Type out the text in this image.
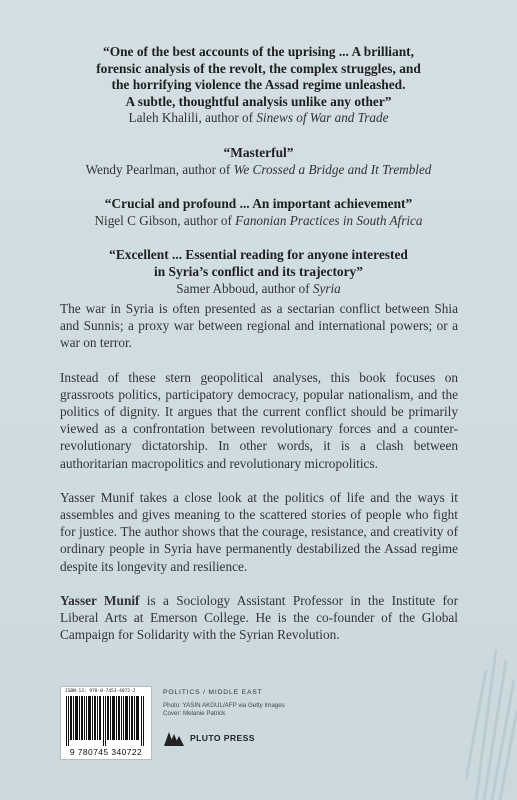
“One of the best accounts of the uprising ... A brilliant,
forensic analysis of the revolt, the complex struggles, and
the horrifying violence the Assad regime unleashed.
A subtle, thoughtful analysis unlike any other”

Laleh Khalili, author of Sinews of War and Trade

“Masterful”

Wendy Pearlman, author of We Crossed a Bridge and It Trembled

“Crucial and profound ... An important achievement”

Nigel C Gibson, author of Fanonian Practices in South Africa

“Excellent ... Essential reading for anyone interested
in Syria’s conflict and its trajectory”

Samer Abboud, author of Syria

The war in Syria is often presented as a sectarian conflict between Shia and Sunnis; a proxy war between regional and international powers; or a war on terror.

Instead of these stern geopolitical analyses, this book focuses on grassroots politics, participatory democracy, popular nationalism, and the politics of dignity. It argues that the current conflict should be primarily viewed as a confrontation between revolutionary forces and a counter-revolutionary dictatorship. In other words, it is a clash between authoritarian macropolitics and revolutionary micropolitics.

Yasser Munif takes a close look at the politics of life and the ways it assembles and gives meaning to the scattered stories of people who fight for justice. The author shows that the courage, resistance, and creativity of ordinary people in Syria have permanently destabilized the Assad regime despite its longevity and resilience.

Yasser Munif is a Sociology Assistant Professor in the Institute for Liberal Arts at Emerson College. He is the co-founder of the Global Campaign for Solidarity with the Syrian Revolution.

ISBN-13: 978-0-7453-4072-2
9 780745 340722
POLITICS / MIDDLE EAST
Photo: YASIN AKGUL/AFP via Getty Images
Cover: Melanie Patrick
PLUTO PRESS
